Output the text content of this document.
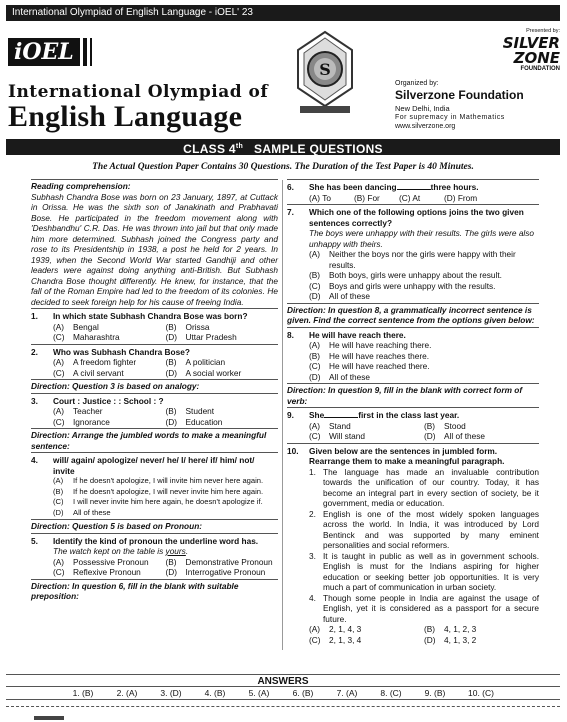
International Olympiad of English Language - iOEL' 23
iOEL
International Olympiad of
English Language
S
Presented by:
SILVER
ZONE
FOUNDATION
Organized by:
Silverzone Foundation
New Delhi, India
For supremacy in Mathematics
www.silverzone.org
CLASS 4th SAMPLE QUESTIONS
The Actual Question Paper Contains 30 Questions. The Duration of the Test Paper is 40 Minutes.
Reading comprehension:
Subhash Chandra Bose was born on 23 January, 1897, at Cuttack in Orissa. He was the sixth son of Janakinath and Prabhavati Bose. He participated in the freedom movement along with 'Deshbandhu' C.R. Das. He was thrown into jail but that only made him more determined. Subhash joined the Congress party and rose to its Presidentship in 1938, a post he held for 2 years. In 1939, when the Second World War started Gandhiji and other leaders were against doing anything anti-British. But Subhash Chandra Bose thought differently. He knew, for instance, that the fall of the Roman Empire had led to the freedom of its colonies. He decided to seek foreign help for his cause of freeing India.
1.	In which state Subhash Chandra Bose was born?
(A)	Bengal	(B)	Orissa
(C)	Maharashtra	(D)	Uttar Pradesh
2.	Who was Subhash Chandra Bose?
(A)	A freedom fighter	(B)	A politician
(C)	A civil servant	(D)	A social worker
Direction: Question 3 is based on analogy:
3.	Court : Justice : : School : ?
(A)	Teacher	(B)	Student
(C)	Ignorance	(D)	Education
Direction: Arrange the jumbled words to make a meaningful sentence:
4.	will/ again/ apologize/ never/ he/ I/ here/ if/ him/ not/ invite
(A)	If he doesn't apologize, I will invite him never here again.
(B)	If he doesn't apologize, I will never invite him here again.
(C)	I will never invite him here again, he doesn't apologize if.
(D)	All of these
Direction: Question 5 is based on Pronoun:
5.	Identify the kind of pronoun the underline word has.
The watch kept on the table is yours.
(A)	Possessive Pronoun	(B)	Demonstrative Pronoun
(C)	Reflexive Pronoun	(D)	Interrogative Pronoun
Direction: In question 6, fill in the blank with suitable preposition:
6.	She has been dancing	three hours.
(A) To	(B) For	(C) At	(D) From
7.	Which one of the following options joins the two given sentences correctly?
The boys were unhappy with their results. The girls were also unhappy with theirs.
(A)	Neither the boys nor the girls were happy with their results.
(B)	Both boys, girls were unhappy about the result.
(C)	Boys and girls were unhappy with the results.
(D)	All of these
Direction: In question 8, a grammatically incorrect sentence is given. Find the correct sentence from the options given below:
8.	He will have reach there.
(A)	He will have reaching there.
(B)	He will have reaches there.
(C)	He will have reached there.
(D)	All of these
Direction: In question 9, fill in the blank with correct form of verb:
9.	She	first in the class last year.
(A)	Stand	(B)	Stood
(C)	Will stand	(D)	All of these
10.	Given below are the sentences in jumbled form. Rearrange them to make a meaningful paragraph.
1. The language has made an invaluable contribution towards the unification of our country. Today, it has become an integral part in every section of society, be it government, media or education.
2. English is one of the most widely spoken languages across the world. In India, it was introduced by Lord Bentinck and was supported by many eminent personalities and social reformers.
3. It is taught in public as well as in government schools. English is must for the Indians aspiring for higher education or seeking better job opportunities. It is very much a part of communication in urban society.
4. Though some people in India are against the usage of English, yet it is considered as a passport for a secure future.
(A)	2, 1, 4, 3	(B)	4, 1, 2, 3
(C)	2, 1, 3, 4	(D)	4, 1, 3, 2
ANSWERS
1. (B)	2. (A)	3. (D)	4. (B)	5. (A)	6. (B)	7. (A)	8. (C)	9. (B)	10. (C)
